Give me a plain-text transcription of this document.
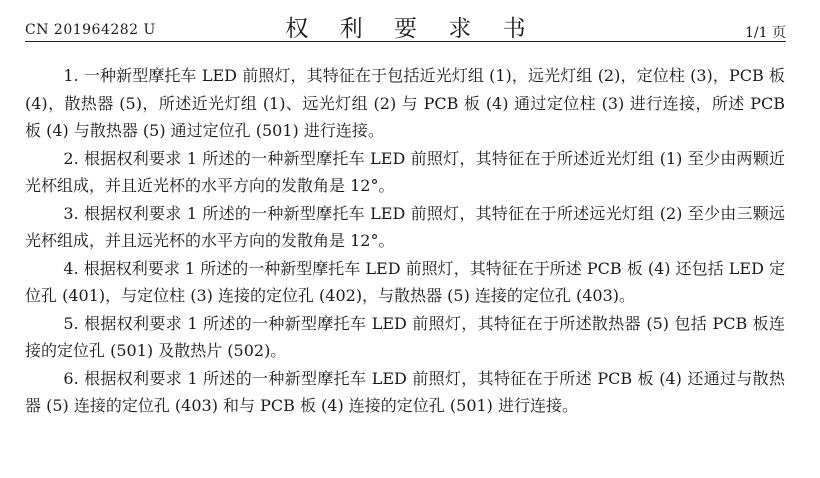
CN 201964282 U	权 利 要 求 书	1/1 页

1. 一种新型摩托车 LED 前照灯，其特征在于包括近光灯组 (1)，远光灯组 (2)，定位柱 (3)，PCB 板 (4)，散热器 (5)，所述近光灯组 (1)、远光灯组 (2) 与 PCB 板 (4) 通过定位柱 (3) 进行连接，所述 PCB 板 (4) 与散热器 (5) 通过定位孔 (501) 进行连接。

2. 根据权利要求 1 所述的一种新型摩托车 LED 前照灯，其特征在于所述近光灯组 (1) 至少由两颗近光杯组成，并且近光杯的水平方向的发散角是 12°。

3. 根据权利要求 1 所述的一种新型摩托车 LED 前照灯，其特征在于所述远光灯组 (2) 至少由三颗远光杯组成，并且远光杯的水平方向的发散角是 12°。

4. 根据权利要求 1 所述的一种新型摩托车 LED 前照灯，其特征在于所述 PCB 板 (4) 还包括 LED 定位孔 (401)，与定位柱 (3) 连接的定位孔 (402)，与散热器 (5) 连接的定位孔 (403)。

5. 根据权利要求 1 所述的一种新型摩托车 LED 前照灯，其特征在于所述散热器 (5) 包括 PCB 板连接的定位孔 (501) 及散热片 (502)。

6. 根据权利要求 1 所述的一种新型摩托车 LED 前照灯，其特征在于所述 PCB 板 (4) 还通过与散热器 (5) 连接的定位孔 (403) 和与 PCB 板 (4) 连接的定位孔 (501) 进行连接。
